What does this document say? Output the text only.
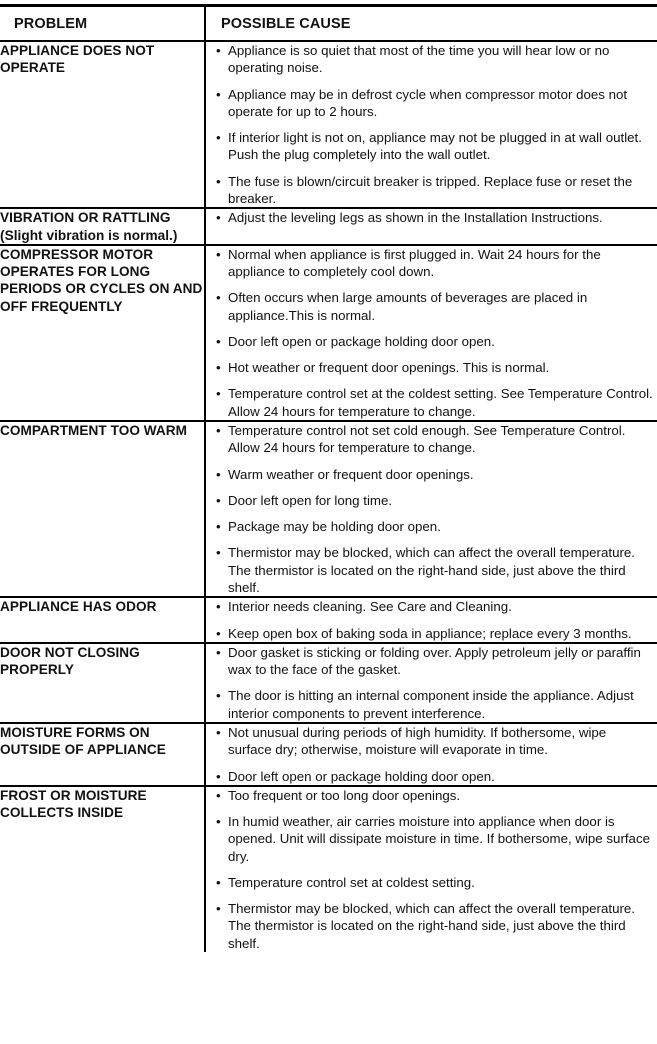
PROBLEM	POSSIBLE CAUSE
APPLIANCE DOES NOT OPERATE	
• Appliance is so quiet that most of the time you will hear low or no operating noise.
• Appliance may be in defrost cycle when compressor motor does not operate for up to 2 hours.
• If interior light is not on, appliance may not be plugged in at wall outlet. Push the plug completely into the wall outlet.
• The fuse is blown/circuit breaker is tripped. Replace fuse or reset the breaker.

VIBRATION OR RATTLING (Slight vibration is normal.)	
• Adjust the leveling legs as shown in the Installation Instructions.

COMPRESSOR MOTOR OPERATES FOR LONG PERIODS OR CYCLES ON AND OFF FREQUENTLY	
• Normal when appliance is first plugged in. Wait 24 hours for the appliance to completely cool down.
• Often occurs when large amounts of beverages are placed in appliance.This is normal.
• Door left open or package holding door open.
• Hot weather or frequent door openings. This is normal.
• Temperature control set at the coldest setting. See Temperature Control. Allow 24 hours for temperature to change.

COMPARTMENT TOO WARM	• Temperature control not set cold enough. See Temperature Control. Allow 24 hours for temperature to change.
• Warm weather or frequent door openings.
• Door left open for long time.
• Package may be holding door open.
• Thermistor may be blocked, which can affect the overall temperature. The thermistor is located on the right-hand side, just above the third shelf.

APPLIANCE HAS ODOR	• Interior needs cleaning. See Care and Cleaning.
• Keep open box of baking soda in appliance; replace every 3 months.

DOOR NOT CLOSING PROPERLY	
• Door gasket is sticking or folding over. Apply petroleum jelly or paraffin wax to the face of the gasket.
• The door is hitting an internal component inside the appliance. Adjust interior components to prevent interference.

MOISTURE FORMS ON OUTSIDE OF APPLIANCE	
• Not unusual during periods of high humidity. If bothersome, wipe surface dry; otherwise, moisture will evaporate in time.
• Door left open or package holding door open.

FROST OR MOISTURE COLLECTS INSIDE	
• Too frequent or too long door openings.
• In humid weather, air carries moisture into appliance when door is opened. Unit will dissipate moisture in time. If bothersome, wipe surface dry.
• Temperature control set at coldest setting.
• Thermistor may be blocked, which can affect the overall temperature. The thermistor is located on the right-hand side, just above the third shelf.
